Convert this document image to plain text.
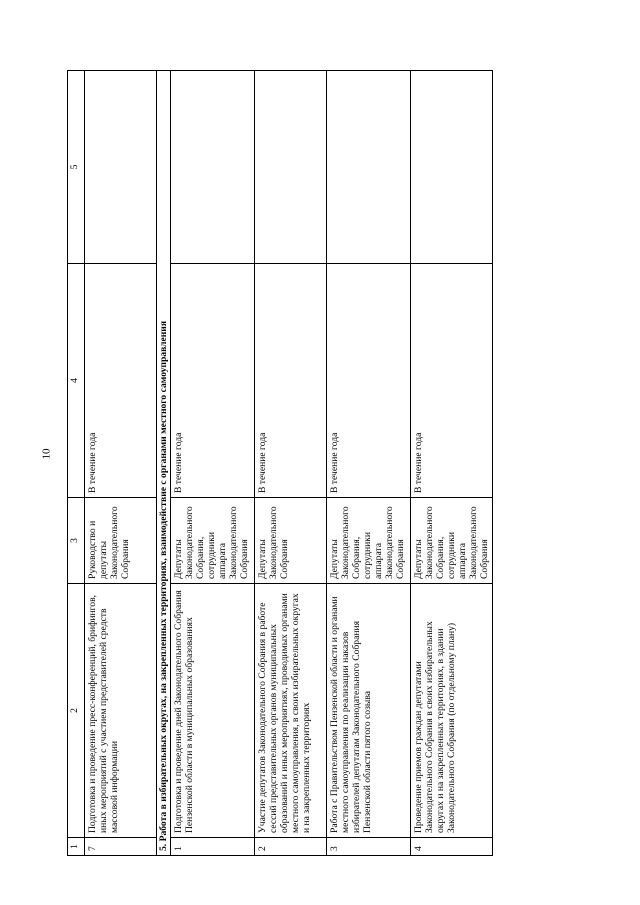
10
1	2	3	4	5
7	Подготовка и проведение пресс-конференций, брифингов, иных мероприятий с участием представителей средств массовой информации	Руководство и депутаты Законодательного Собрания	В течение года	
5. Работа в избирательных округах, на закрепленных территориях, взаимодействие с органами местного самоуправления				
1	Подготовка и проведение дней Законодательного Собрания Пензенской области в муниципальных образованиях	Депутаты Законодательного Собрания, сотрудники аппарата Законодательного Собрания	В течение года	
2	Участие депутатов Законодательного Собрания в работе сессий представительных органов муниципальных образований и иных мероприятиях, проводимых органами местного самоуправления, в своих избирательных округах и на закрепленных территориях	Депутаты Законодательного Собрания	В течение года	
3	Работа с Правительством Пензенской области и органами местного самоуправления по реализации наказов избирателей депутатам Законодательного Собрания Пензенской области пятого созыва	Депутаты Законодательного Собрания, сотрудники аппарата Законодательного Собрания	В течение года	
4	Проведение приемов граждан депутатами Законодательного Собрания в своих избирательных округах и на закрепленных территориях, в здании Законодательного Собрания (по отдельному плану)	Депутаты Законодательного Собрания, сотрудники аппарата Законодательного Собрания	В течение года	
